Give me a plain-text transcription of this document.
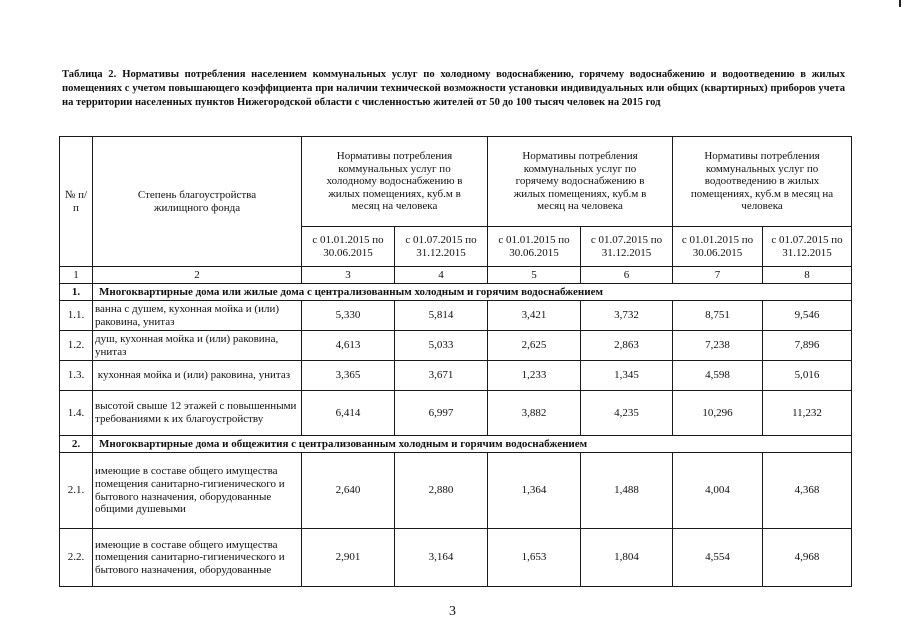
Таблица 2. Нормативы потребления населением коммунальных услуг по холодному водоснабжению, горячему водоснабжению и водоотведению в жилых помещениях с учетом повышающего коэффициента при наличии технической возможности установки индивидуальных или общих (квартирных) приборов учета на территории населенных пунктов Нижегородской области с численностью жителей от 50 до 100 тысяч человек на 2015 год
№ п/п	Степень благоустройства жилищного фонда	Нормативы потребления коммунальных услуг по холодному водоснабжению в жилых помещениях, куб.м в месяц на человека		Нормативы потребления коммунальных услуг по горячему водоснабжению в жилых помещениях, куб.м в месяц на человека		Нормативы потребления коммунальных услуг по водоотведению в жилых помещениях, куб.м в месяц на человека	
		с 01.01.2015 по 30.06.2015	с 01.07.2015 по 31.12.2015	с 01.01.2015 по 30.06.2015	с 01.07.2015 по 31.12.2015	с 01.01.2015 по 30.06.2015	с 01.07.2015 по 31.12.2015
1	2	3	4	5	6	7	8
1.	Многоквартирные дома или жилые дома с централизованным холодным и горячим водоснабжением						
1.1.	ванна с душем, кухонная мойка и (или) раковина, унитаз	5,330	5,814	3,421	3,732	8,751	9,546
1.2.	душ, кухонная мойка и (или) раковина, унитаз	4,613	5,033	2,625	2,863	7,238	7,896
1.3.	кухонная мойка и (или) раковина, унитаз	3,365	3,671	1,233	1,345	4,598	5,016
1.4.	высотой свыше 12 этажей с повышенными требованиями к их благоустройству	6,414	6,997	3,882	4,235	10,296	11,232
2.	Многоквартирные дома и общежития с централизованным холодным и горячим водоснабжением						
2.1.	имеющие в составе общего имущества помещения санитарно-гигиенического и бытового назначения, оборудованные общими душевыми	2,640	2,880	1,364	1,488	4,004	4,368
2.2.	имеющие в составе общего имущества помещения санитарно-гигиенического и бытового назначения, оборудованные	2,901	3,164	1,653	1,804	4,554	4,968
3
